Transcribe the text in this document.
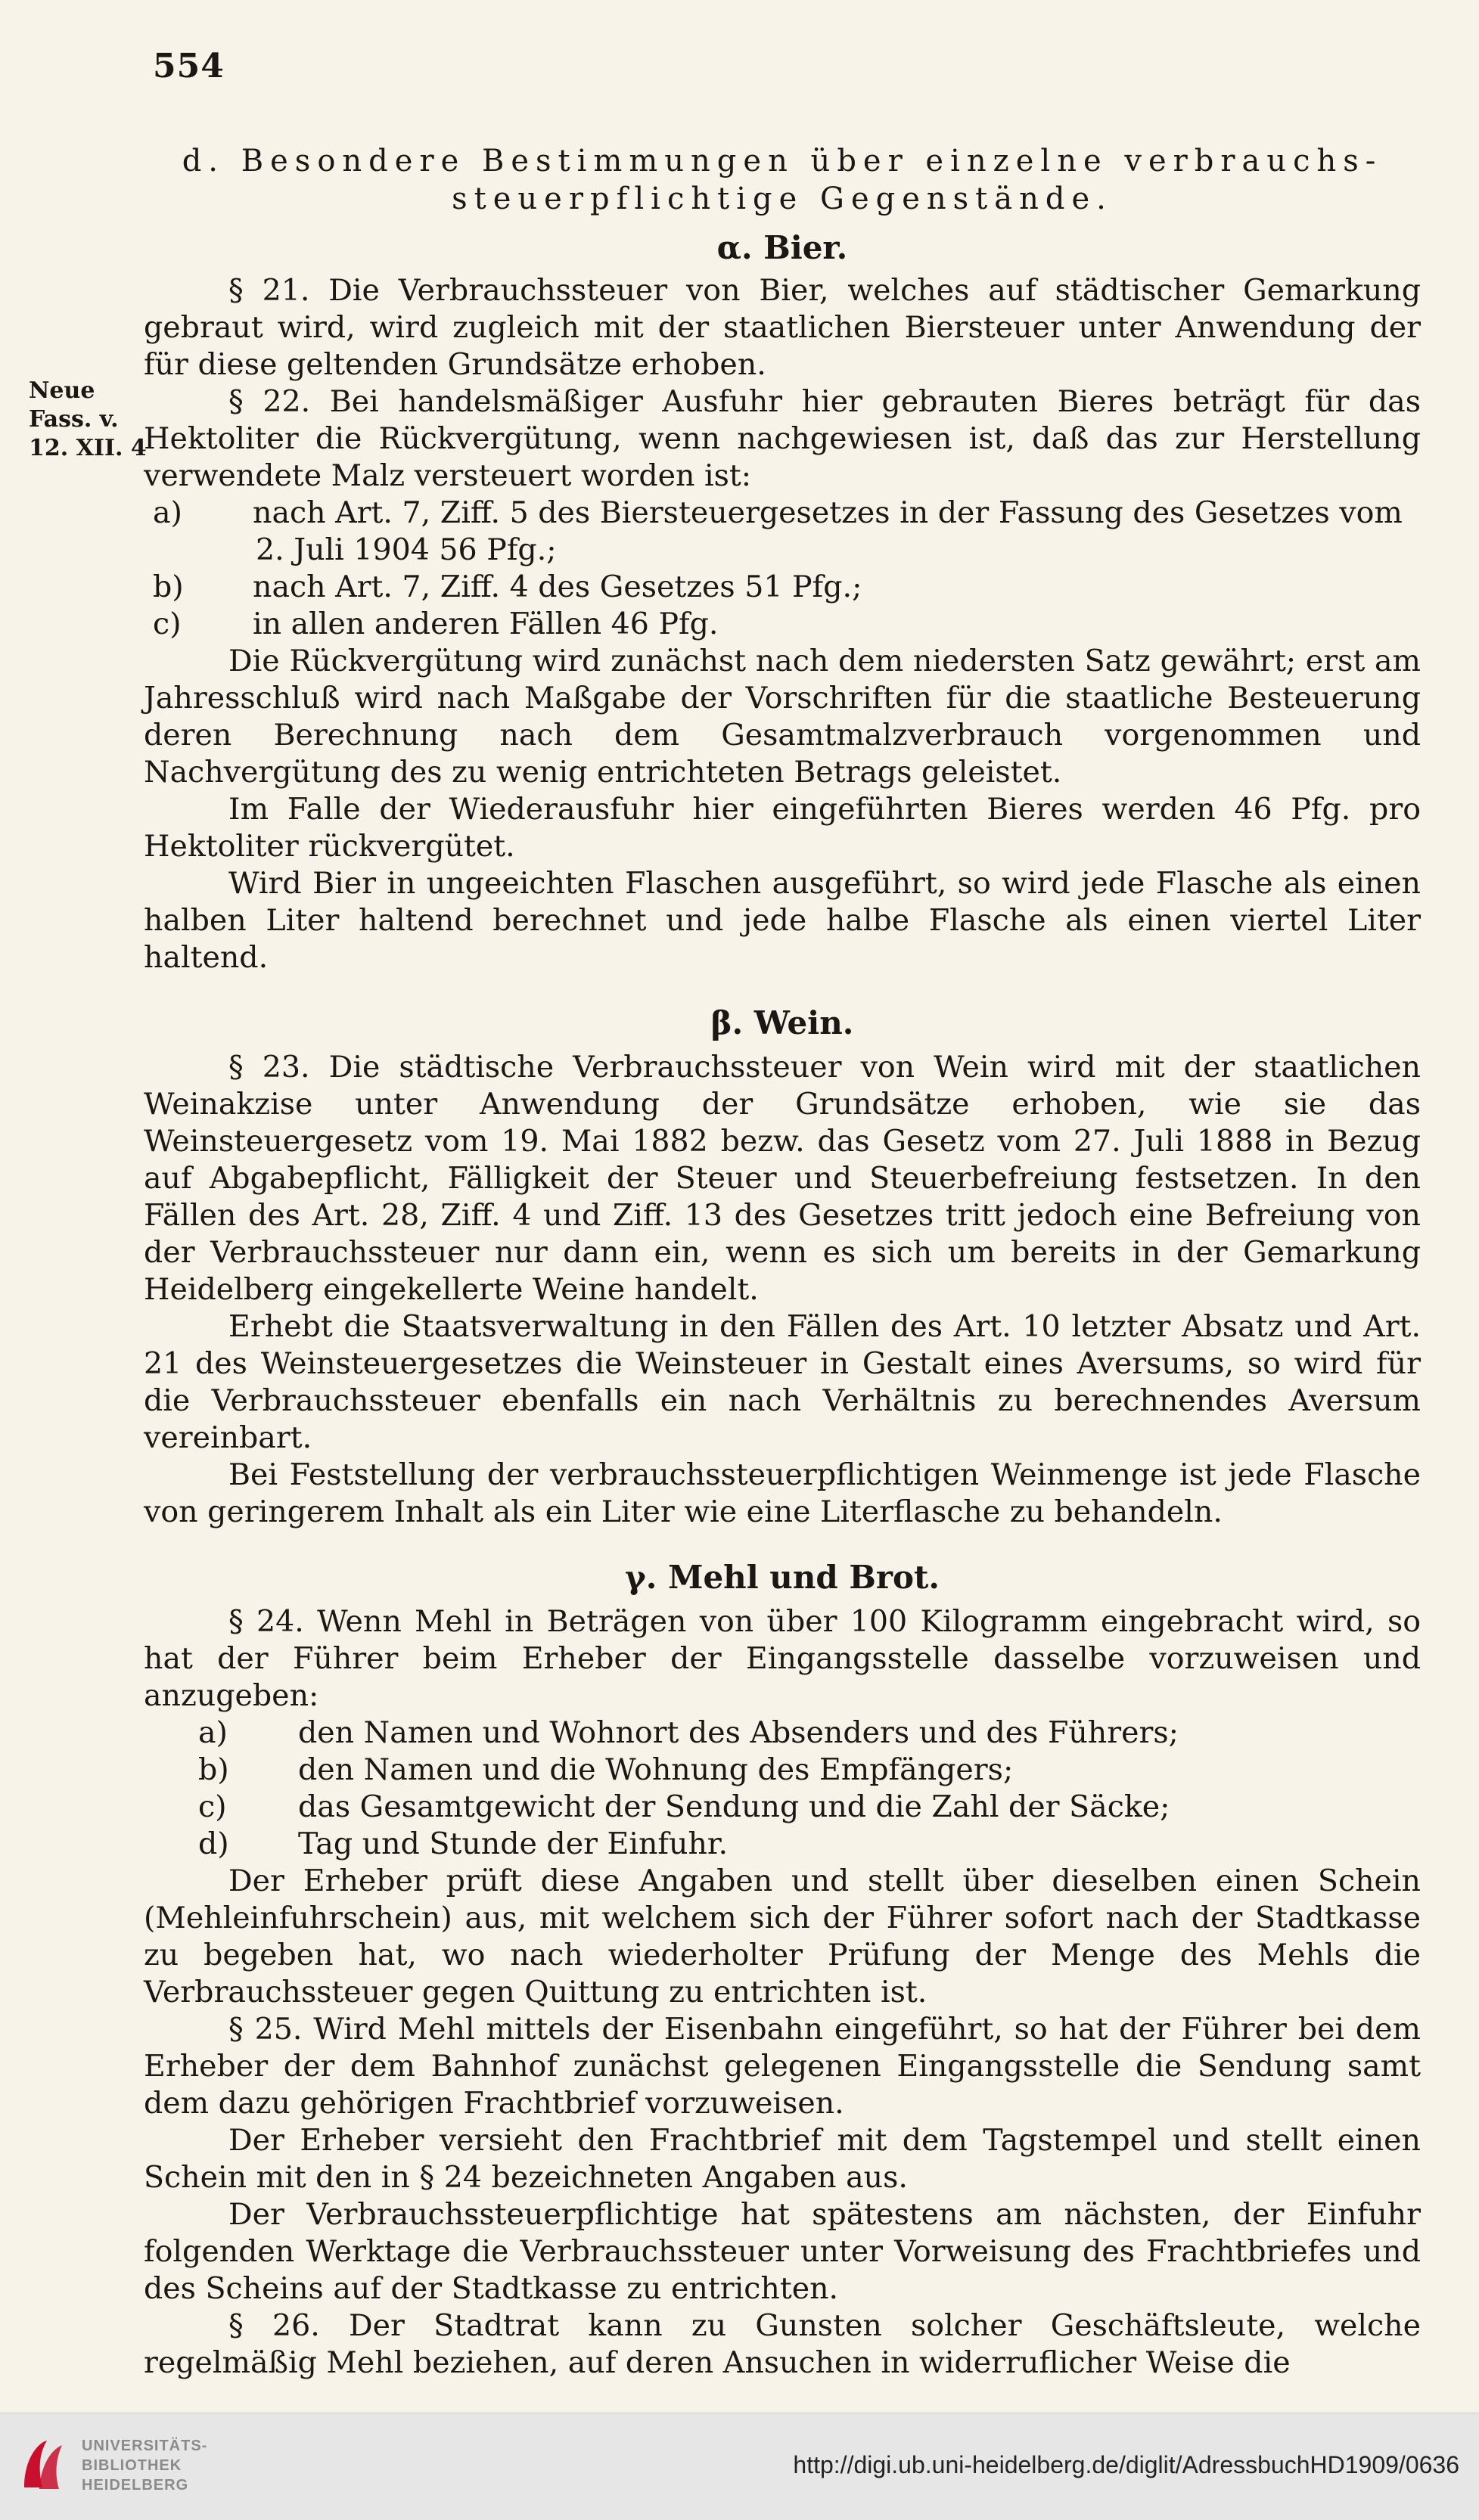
554
Neue
Fass. v.
12. XII. 4
d. Besondere Bestimmungen über einzelne verbrauchs-
steuerpflichtige Gegenstände.
α. Bier.

§ 21. Die Verbrauchssteuer von Bier, welches auf städtischer Gemarkung gebraut wird, wird zugleich mit der staatlichen Biersteuer unter Anwendung der für diese geltenden Grundsätze erhoben.

§ 22. Bei handelsmäßiger Ausfuhr hier gebrauten Bieres beträgt für das Hektoliter die Rückvergütung, wenn nachgewiesen ist, daß das zur Herstellung verwendete Malz versteuert worden ist:

a) nach Art. 7, Ziff. 5 des Biersteuergesetzes in der Fassung des Gesetzes vom 2. Juli 1904 56 Pfg.;

b) nach Art. 7, Ziff. 4 des Gesetzes 51 Pfg.;

c) in allen anderen Fällen 46 Pfg.

Die Rückvergütung wird zunächst nach dem niedersten Satz gewährt; erst am Jahresschluß wird nach Maßgabe der Vorschriften für die staatliche Besteuerung deren Berechnung nach dem Gesamtmalzverbrauch vorgenommen und Nachvergütung des zu wenig entrichteten Betrags geleistet.

Im Falle der Wiederausfuhr hier eingeführten Bieres werden 46 Pfg. pro Hektoliter rückvergütet.

Wird Bier in ungeeichten Flaschen ausgeführt, so wird jede Flasche als einen halben Liter haltend berechnet und jede halbe Flasche als einen viertel Liter haltend.

β. Wein.

§ 23. Die städtische Verbrauchssteuer von Wein wird mit der staatlichen Weinakzise unter Anwendung der Grundsätze erhoben, wie sie das Weinsteuergesetz vom 19. Mai 1882 bezw. das Gesetz vom 27. Juli 1888 in Bezug auf Abgabepflicht, Fälligkeit der Steuer und Steuerbefreiung festsetzen. In den Fällen des Art. 28, Ziff. 4 und Ziff. 13 des Gesetzes tritt jedoch eine Befreiung von der Verbrauchssteuer nur dann ein, wenn es sich um bereits in der Gemarkung Heidelberg eingekellerte Weine handelt.

Erhebt die Staatsverwaltung in den Fällen des Art. 10 letzter Absatz und Art. 21 des Weinsteuergesetzes die Weinsteuer in Gestalt eines Aversums, so wird für die Verbrauchssteuer ebenfalls ein nach Verhältnis zu berechnendes Aversum vereinbart.

Bei Feststellung der verbrauchssteuerpflichtigen Weinmenge ist jede Flasche von geringerem Inhalt als ein Liter wie eine Literflasche zu behandeln.

γ. Mehl und Brot.

§ 24. Wenn Mehl in Beträgen von über 100 Kilogramm eingebracht wird, so hat der Führer beim Erheber der Eingangsstelle dasselbe vorzuweisen und anzugeben:

a) den Namen und Wohnort des Absenders und des Führers;

b) den Namen und die Wohnung des Empfängers;

c) das Gesamtgewicht der Sendung und die Zahl der Säcke;

d) Tag und Stunde der Einfuhr.

Der Erheber prüft diese Angaben und stellt über dieselben einen Schein (Mehleinfuhrschein) aus, mit welchem sich der Führer sofort nach der Stadtkasse zu begeben hat, wo nach wiederholter Prüfung der Menge des Mehls die Verbrauchssteuer gegen Quittung zu entrichten ist.

§ 25. Wird Mehl mittels der Eisenbahn eingeführt, so hat der Führer bei dem Erheber der dem Bahnhof zunächst gelegenen Eingangsstelle die Sendung samt dem dazu gehörigen Frachtbrief vorzuweisen.

Der Erheber versieht den Frachtbrief mit dem Tagstempel und stellt einen Schein mit den in § 24 bezeichneten Angaben aus.

Der Verbrauchssteuerpflichtige hat spätestens am nächsten, der Einfuhr folgenden Werktage die Verbrauchssteuer unter Vorweisung des Frachtbriefes und des Scheins auf der Stadtkasse zu entrichten.

§ 26. Der Stadtrat kann zu Gunsten solcher Geschäftsleute, welche regelmäßig Mehl beziehen, auf deren Ansuchen in widerruflicher Weise die

UNIVERSITÄTS-
BIBLIOTHEK
HEIDELBERG
http://digi.ub.uni-heidelberg.de/diglit/AdressbuchHD1909/0636
